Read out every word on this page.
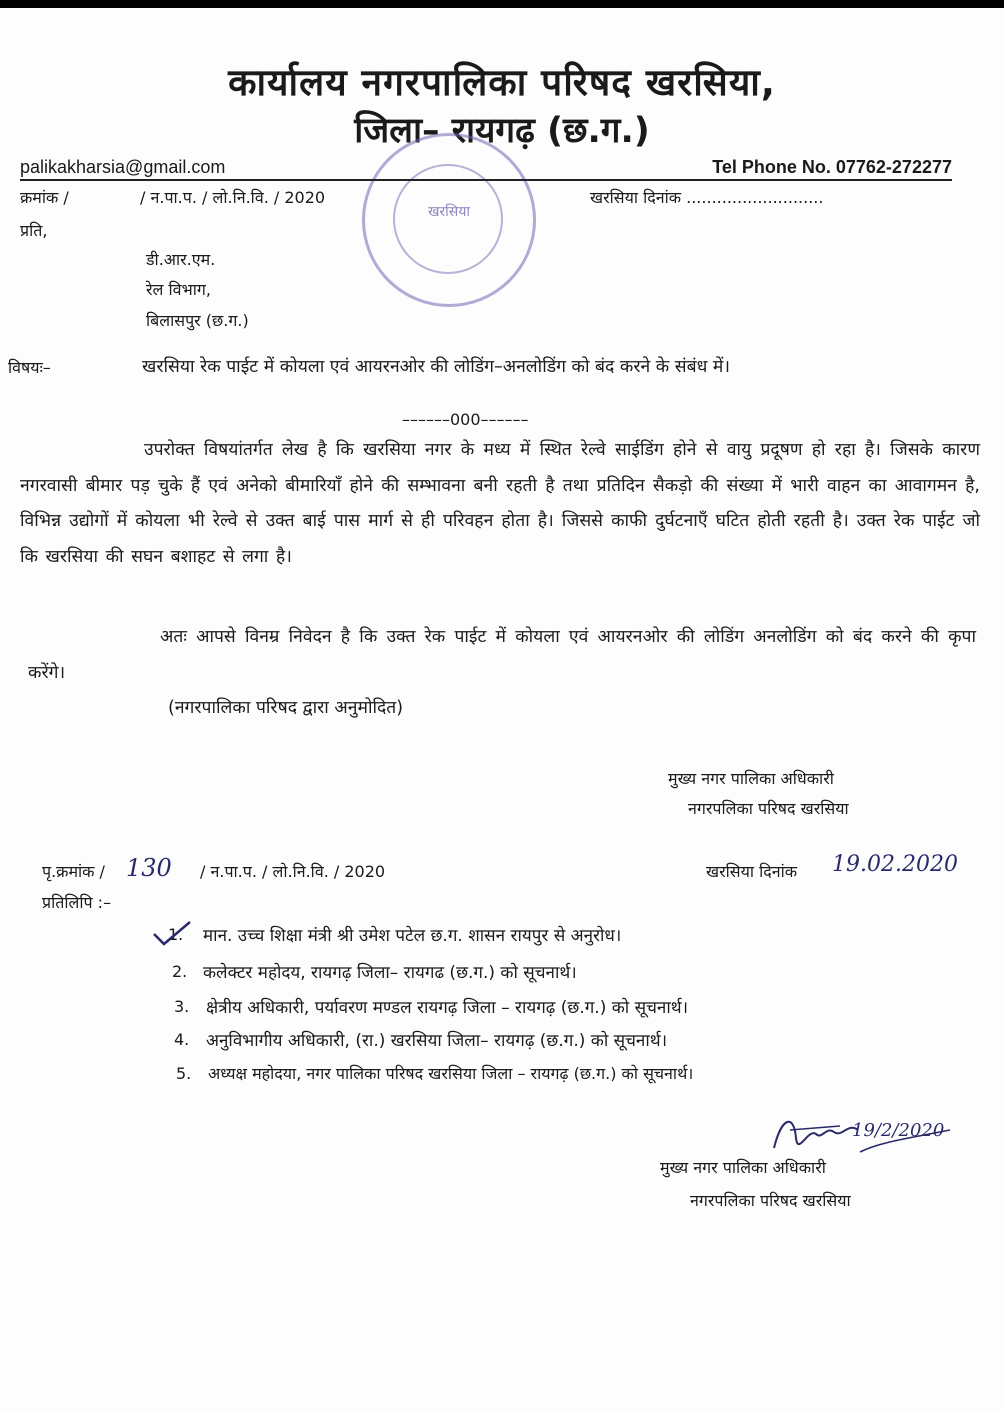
कार्यालय नगरपालिका परिषद खरसिया,
जिला– रायगढ़ (छ.ग.)
खरसिया
palikakharsia@gmail.com	Tel Phone No. 07762-272277
क्रमांक /	/ न.पा.प. / लो.नि.वि. / 2020	खरसिया दिनांक ...........................
प्रति,
डी.आर.एम.
रेल विभाग,
बिलासपुर (छ.ग.)
विषयः–	खरसिया रेक पाईट में कोयला एवं आयरनओर की लोडिंग–अनलोडिंग को बंद करने के संबंध में।
––––––000––––––
उपरोक्त विषयांतर्गत लेख है कि खरसिया नगर के मध्य में स्थित रेल्वे साईडिंग होने से वायु प्रदूषण हो रहा है। जिसके कारण नगरवासी बीमार पड़ चुके हैं एवं अनेको बीमारियाँ होने की सम्भावना बनी रहती है तथा प्रतिदिन सैकड़ो की संख्या में भारी वाहन का आवागमन है, विभिन्न उद्योगों में कोयला भी रेल्वे से उक्त बाई पास मार्ग से ही परिवहन होता है। जिससे काफी दुर्घटनाएँ घटित होती रहती है। उक्त रेक पाईट जो कि खरसिया की सघन बशाहट से लगा है।
अतः आपसे विनम्र निवेदन है कि उक्त रेक पाईट में कोयला एवं आयरनओर की लोडिंग अनलोडिंग को बंद करने की कृपा करेंगे।
(नगरपालिका परिषद द्वारा अनुमोदित)
मुख्य नगर पालिका अधिकारी
नगरपलिका परिषद खरसिया
पृ.क्रमांक / 130 / न.पा.प. / लो.नि.वि. / 2020	खरसिया दिनांक 19.02.2020
प्रतिलिपि :–
1. मान. उच्च शिक्षा मंत्री श्री उमेश पटेल छ.ग. शासन रायपुर से अनुरोध।
2. कलेक्टर महोदय, रायगढ़ जिला– रायगढ (छ.ग.) को सूचनार्थ।
3. क्षेत्रीय अधिकारी, पर्यावरण मण्डल रायगढ़ जिला – रायगढ़ (छ.ग.) को सूचनार्थ।
4. अनुविभागीय अधिकारी, (रा.) खरसिया जिला– रायगढ़ (छ.ग.) को सूचनार्थ।
5. अध्यक्ष महोदया, नगर पालिका परिषद खरसिया जिला – रायगढ़ (छ.ग.) को सूचनार्थ।
19/2/2020
मुख्य नगर पालिका अधिकारी
नगरपलिका परिषद खरसिया
